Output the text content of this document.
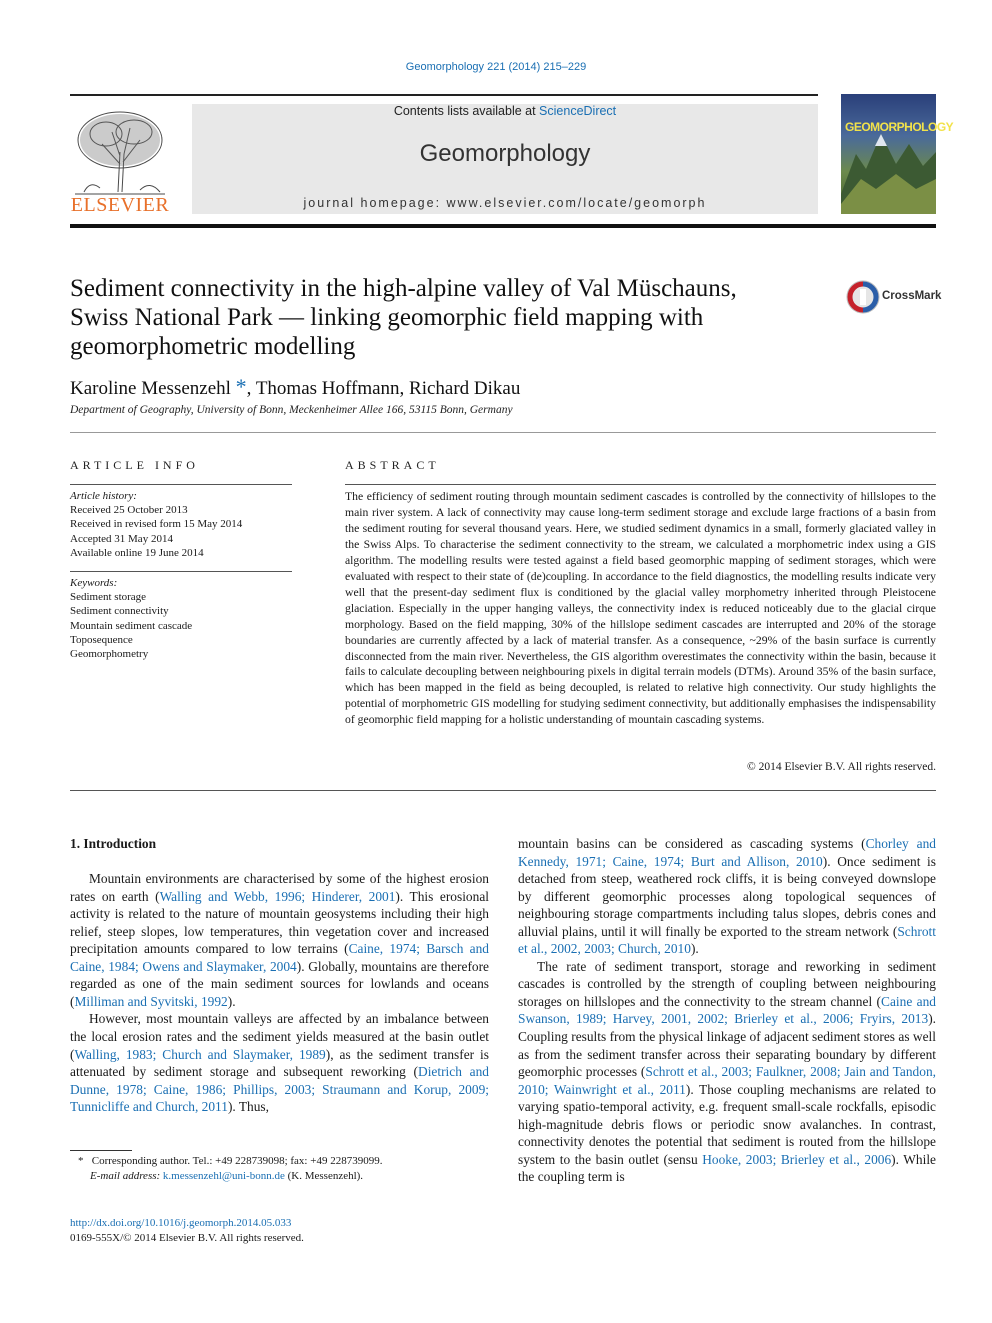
Geomorphology 221 (2014) 215–229
ELSEVIER
Contents lists available at ScienceDirect
Geomorphology
journal homepage: www.elsevier.com/locate/geomorph
GEOMORPHOLOGY
Sediment connectivity in the high-alpine valley of Val Müschauns,
Swiss National Park — linking geomorphic field mapping with
geomorphometric modelling
CrossMark
Karoline Messenzehl *, Thomas Hoffmann, Richard Dikau
Department of Geography, University of Bonn, Meckenheimer Allee 166, 53115 Bonn, Germany
ARTICLE INFO
Article history:
Received 25 October 2013
Received in revised form 15 May 2014
Accepted 31 May 2014
Available online 19 June 2014
Keywords:
Sediment storage
Sediment connectivity
Mountain sediment cascade
Toposequence
Geomorphometry
ABSTRACT
The efficiency of sediment routing through mountain sediment cascades is controlled by the connectivity of hillslopes to the main river system. A lack of connectivity may cause long-term sediment storage and exclude large fractions of a basin from the sediment routing for several thousand years. Here, we studied sediment dynamics in a small, formerly glaciated valley in the Swiss Alps. To characterise the sediment connectivity to the stream, we calculated a morphometric index using a GIS algorithm. The modelling results were tested against a field based geomorphic mapping of sediment storages, which were evaluated with respect to their state of (de)coupling. In accordance to the field diagnostics, the modelling results indicate very well that the present-day sediment flux is conditioned by the glacial valley morphometry inherited through Pleistocene glaciation. Especially in the upper hanging valleys, the connectivity index is reduced noticeably due to the glacial cirque morphology. Based on the field mapping, 30% of the hillslope sediment cascades are interrupted and 20% of the storage boundaries are currently affected by a lack of material transfer. As a consequence, ~29% of the basin surface is currently disconnected from the main river. Nevertheless, the GIS algorithm overestimates the connectivity within the basin, because it fails to calculate decoupling between neighbouring pixels in digital terrain models (DTMs). Around 35% of the basin surface, which has been mapped in the field as being decoupled, is related to relative high connectivity. Our study highlights the potential of morphometric GIS modelling for studying sediment connectivity, but additionally emphasises the indispensability of geomorphic field mapping for a holistic understanding of mountain cascading systems.
© 2014 Elsevier B.V. All rights reserved.

1. Introduction

Mountain environments are characterised by some of the highest erosion rates on earth (Walling and Webb, 1996; Hinderer, 2001). This erosional activity is related to the nature of mountain geosystems including their high relief, steep slopes, low temperatures, thin vegetation cover and increased precipitation amounts compared to low terrains (Caine, 1974; Barsch and Caine, 1984; Owens and Slaymaker, 2004). Globally, mountains are therefore regarded as one of the main sediment sources for lowlands and oceans (Milliman and Syvitski, 1992).

However, most mountain valleys are affected by an imbalance between the local erosion rates and the sediment yields measured at the basin outlet (Walling, 1983; Church and Slaymaker, 1989), as the sediment transfer is attenuated by sediment storage and subsequent reworking (Dietrich and Dunne, 1978; Caine, 1986; Phillips, 2003; Straumann and Korup, 2009; Tunnicliffe and Church, 2011). Thus,

mountain basins can be considered as cascading systems (Chorley and Kennedy, 1971; Caine, 1974; Burt and Allison, 2010). Once sediment is detached from steep, weathered rock cliffs, it is being conveyed downslope by different geomorphic processes along topological sequences of neighbouring storage compartments including talus slopes, debris cones and alluvial plains, until it will finally be exported to the stream network (Schrott et al., 2002, 2003; Church, 2010).

The rate of sediment transport, storage and reworking in sediment cascades is controlled by the strength of coupling between neighbouring storages on hillslopes and the connectivity to the stream channel (Caine and Swanson, 1989; Harvey, 2001, 2002; Brierley et al., 2006; Fryirs, 2013). Coupling results from the physical linkage of adjacent sediment stores as well as from the sediment transfer across their separating boundary by different geomorphic processes (Schrott et al., 2003; Faulkner, 2008; Jain and Tandon, 2010; Wainwright et al., 2011). Those coupling mechanisms are related to varying spatio-temporal activity, e.g. frequent small-scale rockfalls, episodic high-magnitude debris flows or periodic snow avalanches. In contrast, connectivity denotes the potential that sediment is routed from the hillslope system to the basin outlet (sensu Hooke, 2003; Brierley et al., 2006). While the coupling term is

* Corresponding author. Tel.: +49 228739098; fax: +49 228739099.
E-mail address: k.messenzehl@uni-bonn.de (K. Messenzehl).
http://dx.doi.org/10.1016/j.geomorph.2014.05.033
0169-555X/© 2014 Elsevier B.V. All rights reserved.
